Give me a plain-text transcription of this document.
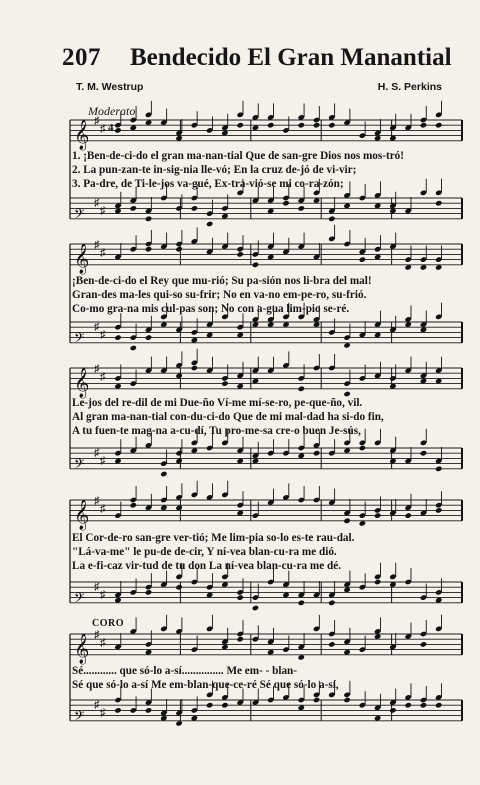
207 Bendecido El Gran Manantial
T. M. Westrup	H. S. Perkins
Moderato
CORO
𝄞 ♯
♯
𝄢
♯
♯
4
𝄞 ♯
♯
𝄢
♯
♯
𝄞 ♯
♯
𝄢
♯
♯
𝄞 ♯
♯
𝄢
♯
♯
𝄞 ♯
♯
𝄢
♯
♯
1. ¡Ben-de-ci-do el gran ma-nan-tial Que de san-gre Dios nos mos-tró!
2. La pun-zan-te in-sig-nia lle-vó; En la cruz de-jó de vi-vir;
3. Pa-dre, de Ti-le-jos va-gué, Ex-tra-vió-se mi co-ra-zón;
¡Ben-de-ci-do el Rey que mu-rió; Su pa-sión nos li-bra del mal!
Gran-des ma-les qui-so su-frir; No en va-no em-pe-ro, su-frió.
Co-mo gra-na mis cul-pas son; No con a-gua lim-pio se-ré.
Le-jos del re-dil de mi Due-ño Ví-me mí-se-ro, pe-que-ño, vil.
Al gran ma-nan-tial con-du-ci-do Que de mi mal-dad ha si-do fin,
A tu fuen-te mag-na a-cu-dí, Tu pro-me-sa cre-o buen Je-sús,
El Cor-de-ro san-gre ver-tió; Me lim-pia so-lo es-te rau-dal.
"Lá-va-me" le pu-de de-cir, Y ní-vea blan-cu-ra me dió.
La e-fi-caz vir-tud de tu don La ní-vea blan-cu-ra me dé.
Sé............ que só-lo a-sí............... Me em- - blan-
Sé que só-lo a-sí Me em-blan-que-ce-ré Sé que só-lo a-sí,
